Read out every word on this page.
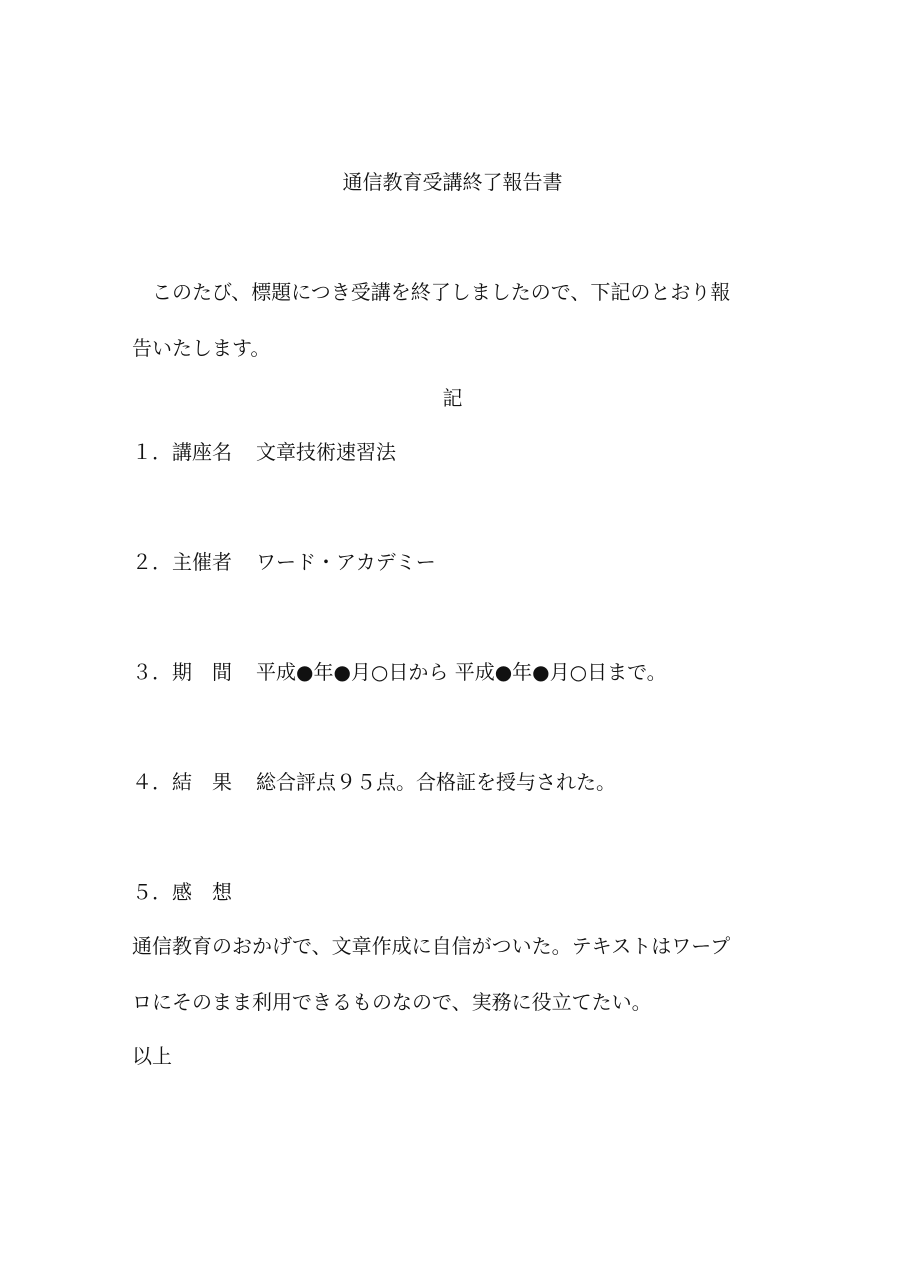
通信教育受講終了報告書
　このたび、標題につき受講を終了しましたので、下記のとおり報
告いたします。
記
１．講座名 文章技術速習法
２．主催者 ワード・アカデミー
３．期　間 平成●年●月○日から 平成●年●月○日まで。
４．結　果 総合評点９５点。合格証を授与された。
５．感　想
通信教育のおかげで、文章作成に自信がついた。テキストはワープ
ロにそのまま利用できるものなので、実務に役立てたい。
以上
